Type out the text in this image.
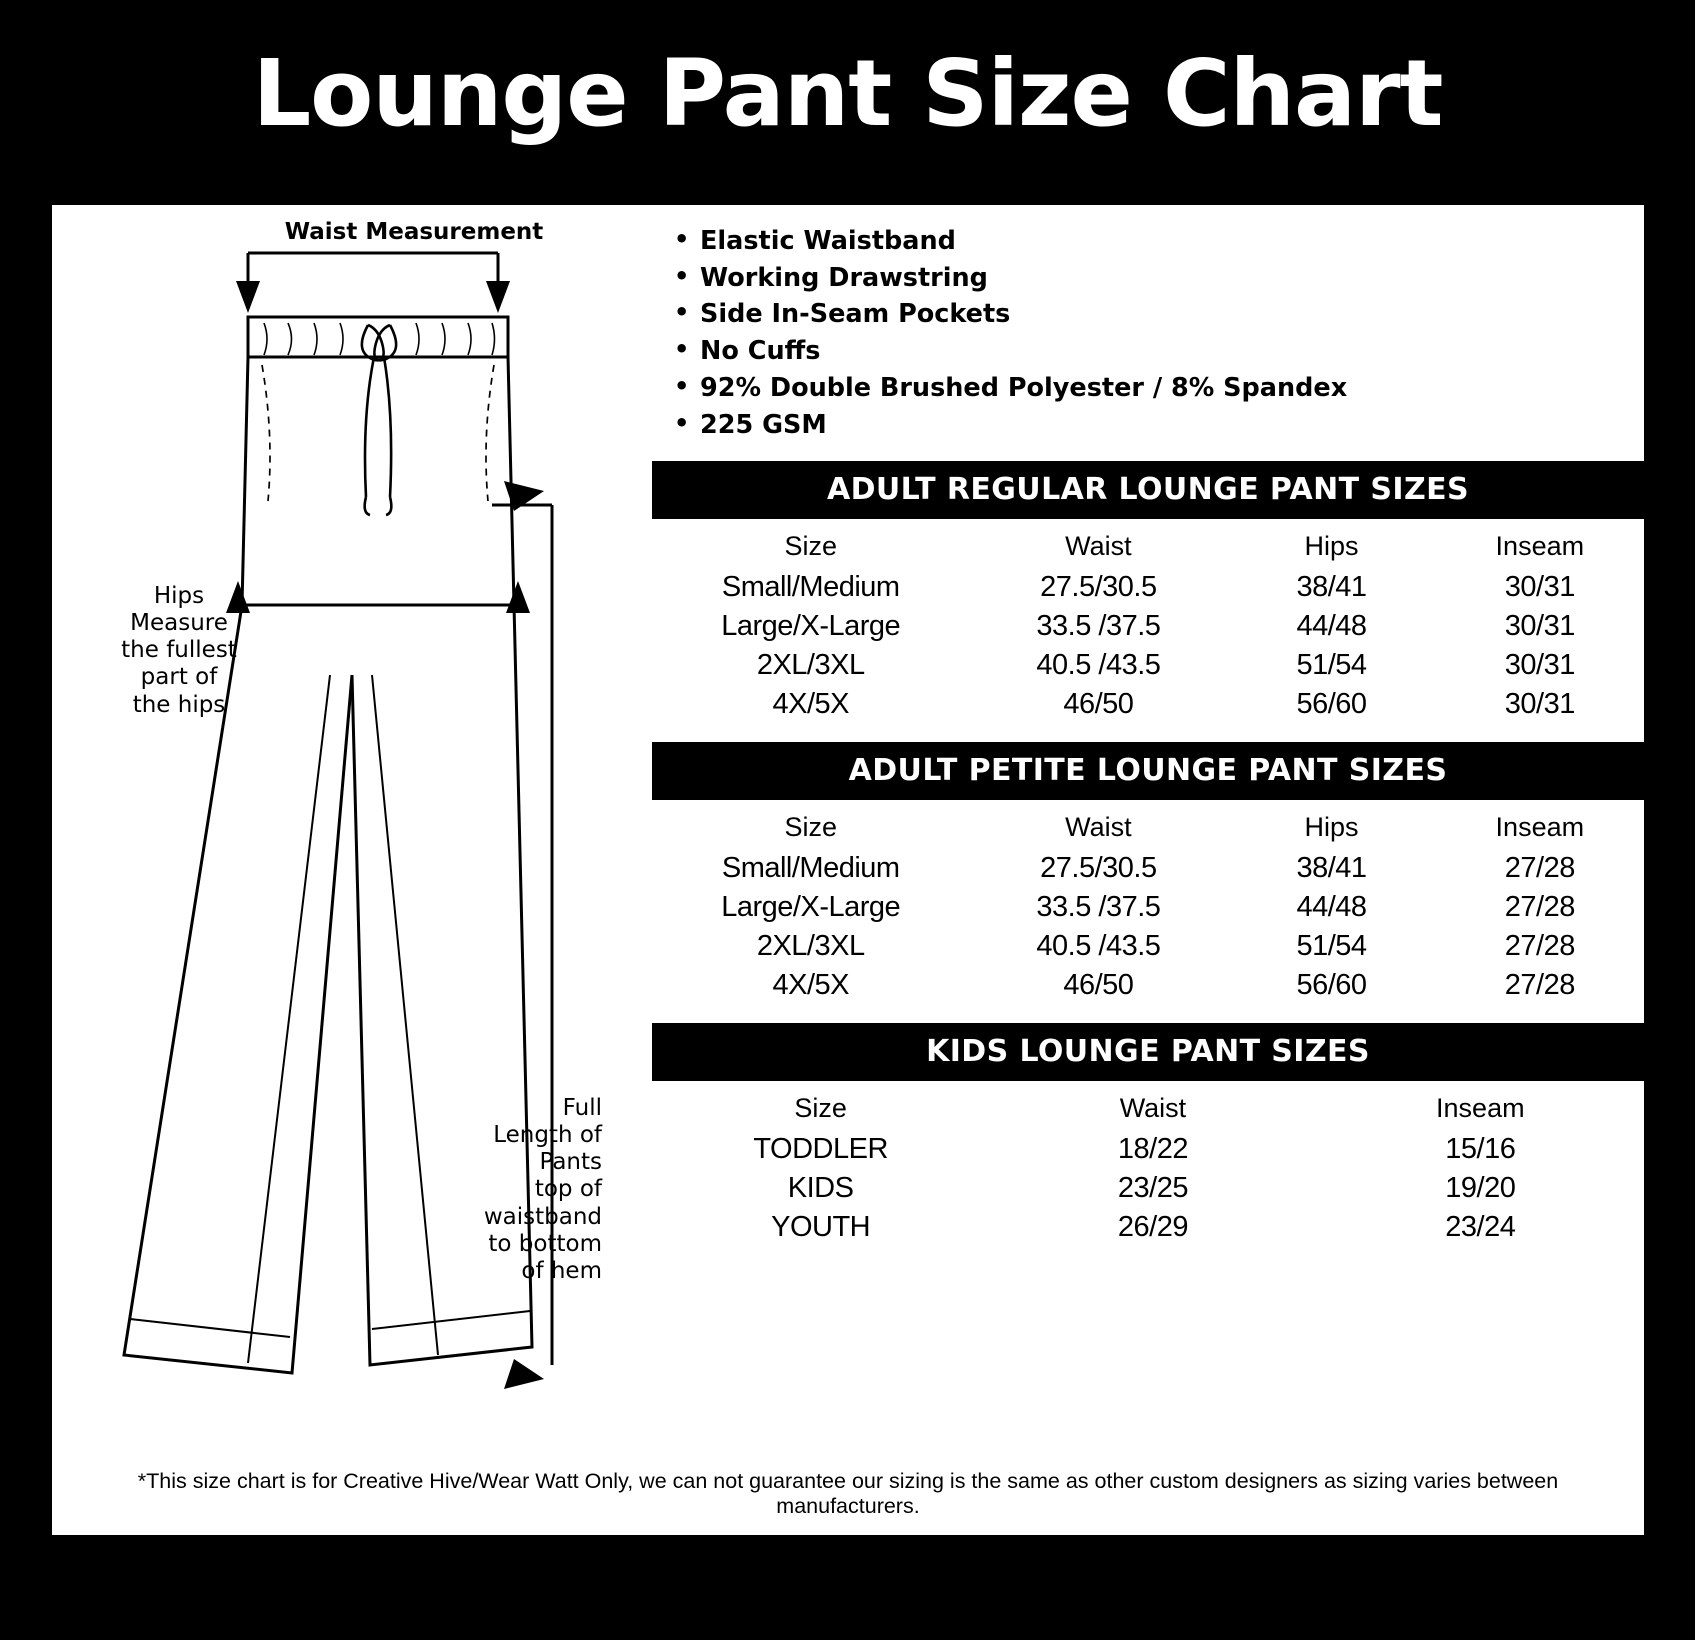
Lounge Pant Size Chart
Waist Measurement
Hips
Measure
the fullest
part of
the hips
Full
Length of
Pants
top of
waistband
to bottom
of hem
• Elastic Waistband
• Working Drawstring
• Side In-Seam Pockets
• No Cuffs
• 92% Double Brushed Polyester / 8% Spandex
• 225 GSM
ADULT REGULAR LOUNGE PANT SIZES
Size	Waist	Hips	Inseam
Small/Medium	27.5/30.5	38/41	30/31
Large/X-Large	33.5 /37.5	44/48	30/31
2XL/3XL	40.5 /43.5	51/54	30/31
4X/5X	46/50	56/60	30/31
ADULT PETITE LOUNGE PANT SIZES
Size	Waist	Hips	Inseam
Small/Medium	27.5/30.5	38/41	27/28
Large/X-Large	33.5 /37.5	44/48	27/28
2XL/3XL	40.5 /43.5	51/54	27/28
4X/5X	46/50	56/60	27/28
KIDS LOUNGE PANT SIZES
Size	Waist	Inseam
TODDLER	18/22	15/16
KIDS	23/25	19/20
YOUTH	26/29	23/24
*This size chart is for Creative Hive/Wear Watt Only, we can not guarantee our sizing is the same as other custom designers as sizing varies between manufacturers.
